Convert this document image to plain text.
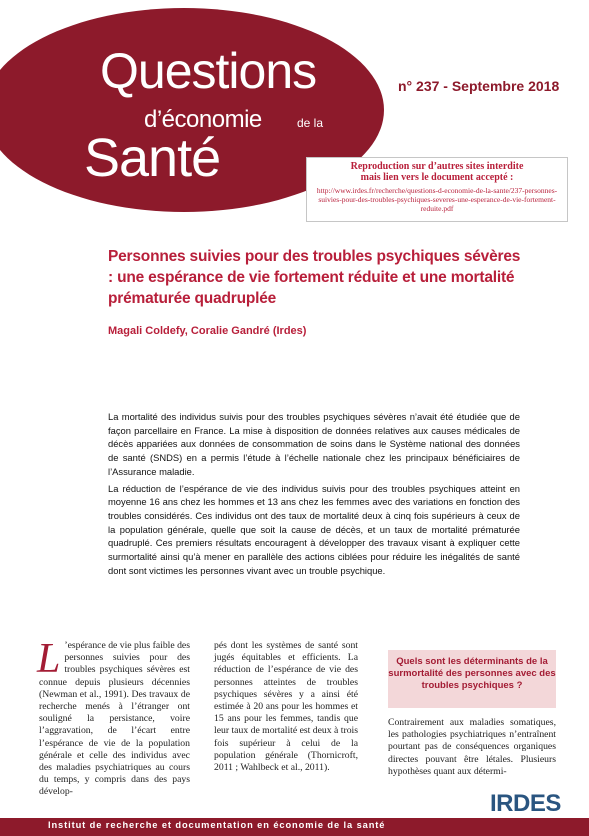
Questions
d’économie	de la
Santé
n° 237 - Septembre 2018
Reproduction sur d’autres sites interdite
mais lien vers le document accepté :
http://www.irdes.fr/recherche/questions-d-economie-de-la-sante/237-personnes-suivies-pour-des-troubles-psychiques-severes-une-esperance-de-vie-fortement-reduite.pdf
Personnes suivies pour des troubles psychiques sévères : une espérance de vie fortement réduite et une mortalité prématurée quadruplée
Magali Coldefy, Coralie Gandré (Irdes)

La mortalité des individus suivis pour des troubles psychiques sévères n’avait été étudiée que de façon parcellaire en France. La mise à disposition de données relatives aux causes médicales de décès appariées aux données de consommation de soins dans le Système national des données de santé (SNDS) en a permis l’étude à l’échelle nationale chez les principaux bénéficiaires de l’Assurance maladie.

La réduction de l’espérance de vie des individus suivis pour des troubles psychiques atteint en moyenne 16 ans chez les hommes et 13 ans chez les femmes avec des variations en fonction des troubles considérés. Ces individus ont des taux de mortalité deux à cinq fois supérieurs à ceux de la population générale, quelle que soit la cause de décès, et un taux de mortalité prématurée quadruplé. Ces premiers résultats encouragent à développer des travaux visant à expliquer cette surmortalité ainsi qu’à mener en parallèle des actions ciblées pour réduire les inégalités de santé dont sont victimes les personnes vivant avec un trouble psychique.

L ’espérance de vie plus faible des personnes suivies pour des troubles psychiques sévères est connue depuis plusieurs décennies (Newman et al., 1991). Des travaux de recherche menés à l’étranger ont souligné la persistance, voire l’aggravation, de l’écart entre l’espérance de vie de la population générale et celle des individus avec des maladies psychiatriques au cours du temps, y compris dans des pays dévelop-
pés dont les systèmes de santé sont jugés équitables et efficients. La réduction de l’espérance de vie des personnes atteintes de troubles psychiques sévères y a ainsi été estimée à 20 ans pour les hommes et 15 ans pour les femmes, tandis que leur taux de mortalité est deux à trois fois supérieur à celui de la population générale (Thornicroft, 2011 ; Wahlbeck et al., 2011).
Quels sont les déterminants de la surmortalité des personnes avec des troubles psychiques ?
Contrairement aux maladies somatiques, les pathologies psychiatriques n’entraînent pourtant pas de conséquences organiques directes pouvant être létales. Plusieurs hypothèses quant aux détermi-
Institut de recherche et documentation en économie de la santé
IRDES
